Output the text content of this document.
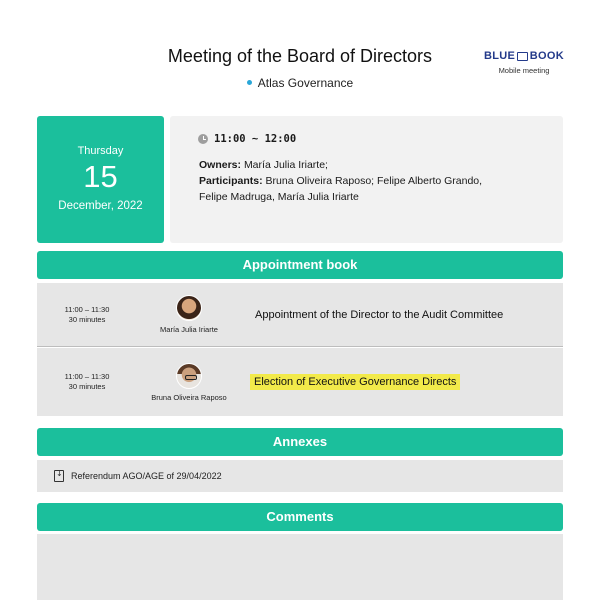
Meeting of the Board of Directors
Atlas Governance
BLUE BOOK
Mobile meeting
Thursday
15
December, 2022
11:00 ~ 12:00
Owners: María Julia Iriarte;
Participants: Bruna Oliveira Raposo; Felipe Alberto Grando, Felipe Madruga, María Julia Iriarte
Appointment book
11:00 – 11:30
30 minutes
María Julia Iriarte
Appointment of the Director to the Audit Committee
11:00 – 11:30
30 minutes
Bruna Oliveira Raposo
Election of Executive Governance Directs
Annexes
↓
Referendum AGO/AGE of 29/04/2022
Comments
